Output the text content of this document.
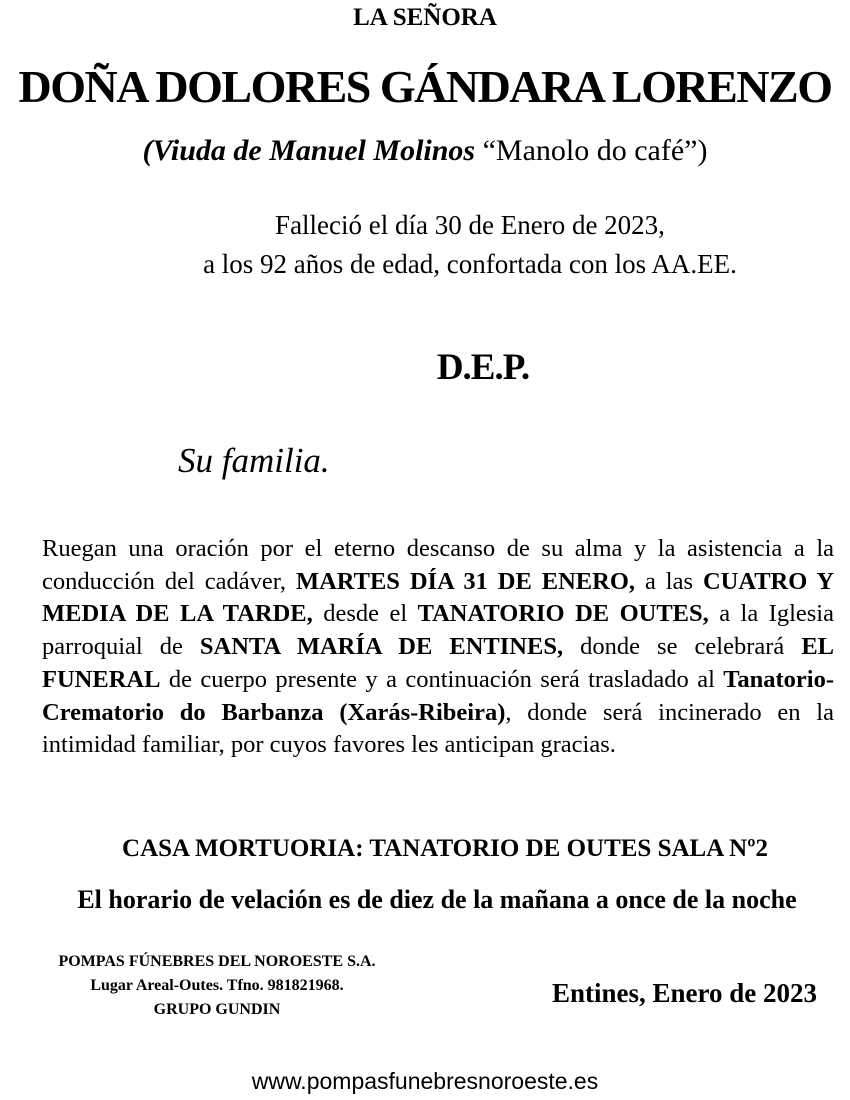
LA SEÑORA
DOÑA DOLORES GÁNDARA LORENZO
(Viuda de Manuel Molinos “Manolo do café”)
Falleció el día 30 de Enero de 2023,
a los 92 años de edad, confortada con los AA.EE.
D.E.P.
Su familia.
Ruegan una oración por el eterno descanso de su alma y la asistencia a la conducción del cadáver, MARTES DÍA 31 DE ENERO, a las CUATRO Y MEDIA DE LA TARDE, desde el TANATORIO DE OUTES, a la Iglesia parroquial de SANTA MARÍA DE ENTINES, donde se celebrará EL FUNERAL de cuerpo presente y a continuación será trasladado al Tanatorio-Crematorio do Barbanza (Xarás-Ribeira), donde será incinerado en la intimidad familiar, por cuyos favores les anticipan gracias.
CASA MORTUORIA: TANATORIO DE OUTES SALA Nº2
El horario de velación es de diez de la mañana a once de la noche
POMPAS FÚNEBRES DEL NOROESTE S.A.
Lugar Areal-Outes. Tfno. 981821968.
GRUPO GUNDIN
Entines, Enero de 2023
www.pompasfunebresnoroeste.es
